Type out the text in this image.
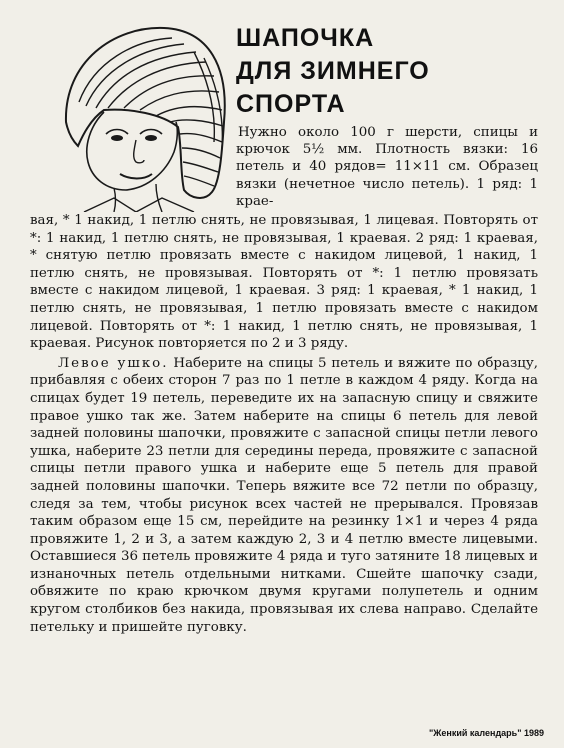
ШАПОЧКА
ДЛЯ ЗИМНЕГО
СПОРТА

Нужно около 100 г шерсти, спицы и крючок 5½ мм. Плотность вязки: 16 петель и 40 рядов= 11×11 см. Образец вязки (нечетное число петель). 1 ряд: 1 крае-

вая, * 1 накид, 1 петлю снять, не провязывая, 1 лицевая. Повторять от *: 1 накид, 1 петлю снять, не провязывая, 1 краевая. 2 ряд: 1 краевая, * снятую петлю провязать вместе с накидом лицевой, 1 накид, 1 петлю снять, не провязывая. Повторять от *: 1 петлю провязать вместе с накидом лицевой, 1 краевая. 3 ряд: 1 краевая, * 1 накид, 1 петлю снять, не провязывая, 1 петлю провязать вместе с накидом лицевой. Повторять от *: 1 накид, 1 петлю снять, не провязывая, 1 краевая. Рисунок повторяется по 2 и 3 ряду.

Левое ушко. Наберите на спицы 5 петель и вяжите по образцу, прибавляя с обеих сторон 7 раз по 1 петле в каждом 4 ряду. Когда на спицах будет 19 петель, переведите их на запасную спицу и свяжите правое ушко так же. Затем наберите на спицы 6 петель для левой задней половины шапочки, провяжите с запасной спицы петли левого ушка, наберите 23 петли для середины переда, провяжите с запасной спицы петли правого ушка и наберите еще 5 петель для правой задней половины шапочки. Теперь вяжите все 72 петли по образцу, следя за тем, чтобы рисунок всех частей не прерывался. Провязав таким образом еще 15 см, перейдите на резинку 1×1 и через 4 ряда провяжите 1, 2 и 3, а затем каждую 2, 3 и 4 петлю вместе лицевыми. Оставшиеся 36 петель провяжите 4 ряда и туго затяните 18 лицевых и изнаночных петель отдельными нитками. Сшейте шапочку сзади, обвяжите по краю крючком двумя кругами полупетель и одним кругом столбиков без накида, провязывая их слева направо. Сделайте петельку и пришейте пуговку.

"Женкий календарь" 1989
